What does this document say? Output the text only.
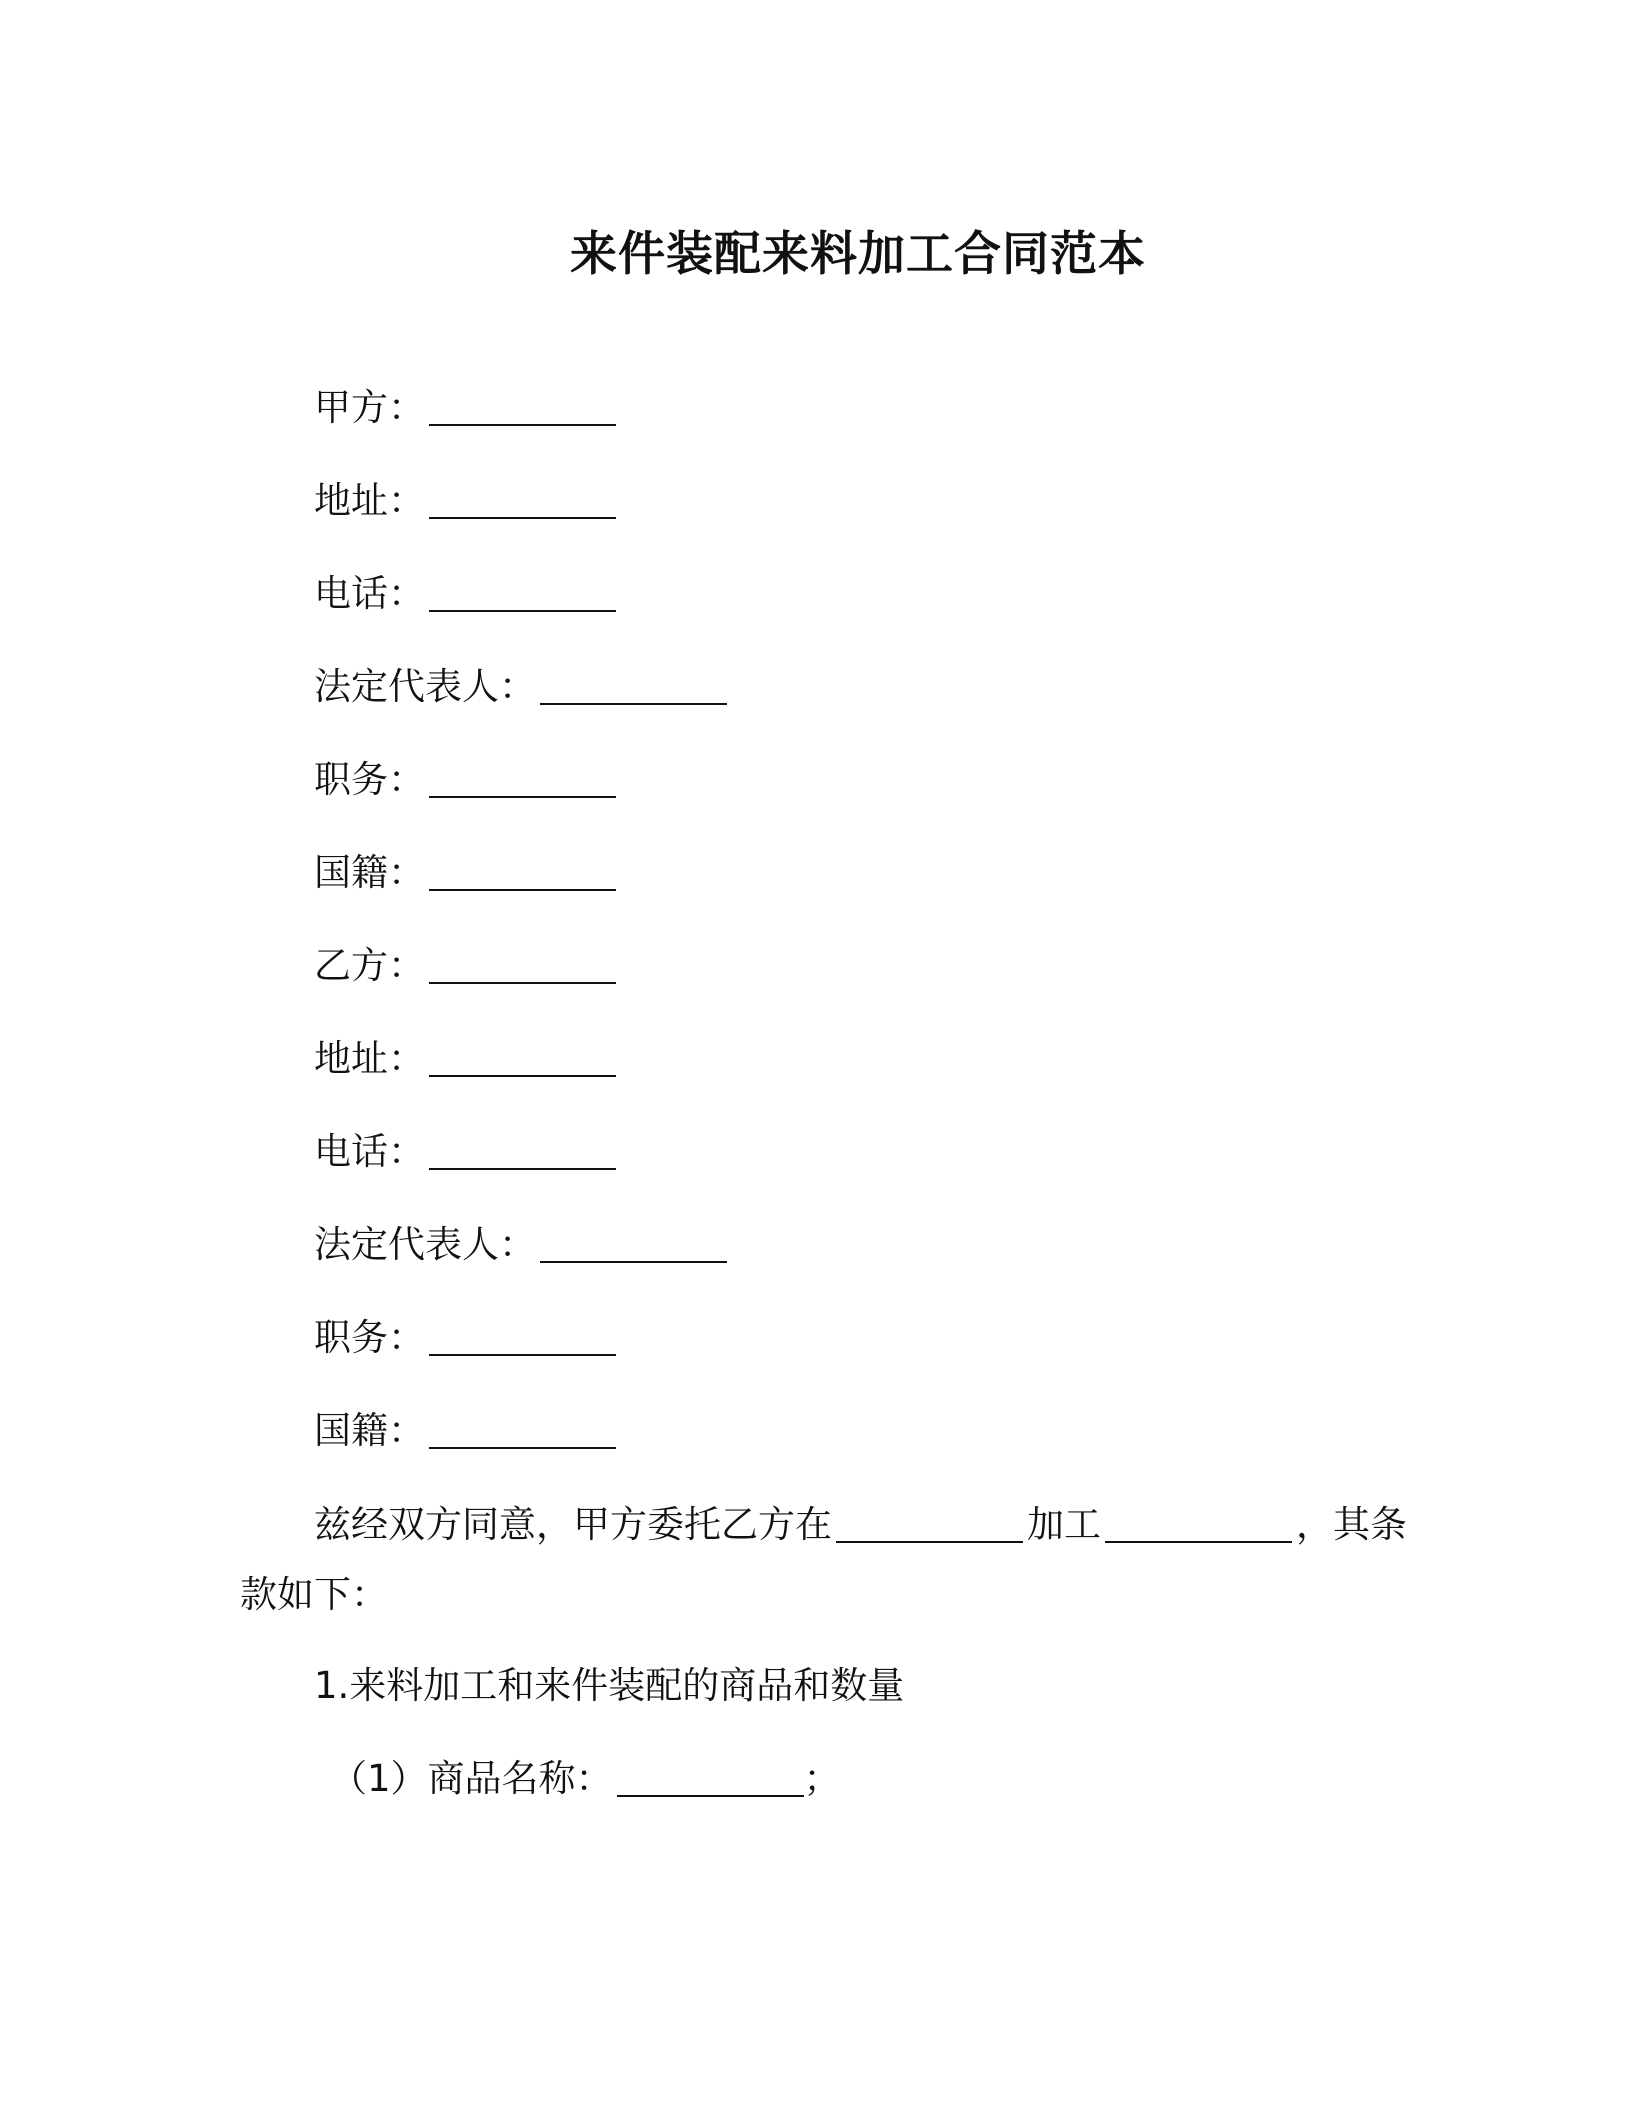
来件装配来料加工合同范本
甲方：
地址：
电话：
法定代表人：
职务：
国籍：
乙方：
地址：
电话：
法定代表人：
职务：
国籍：
兹经双方同意，甲方委托乙方在	加工	，其条款如下：
1.来料加工和来件装配的商品和数量
（1）商品名称：	；
